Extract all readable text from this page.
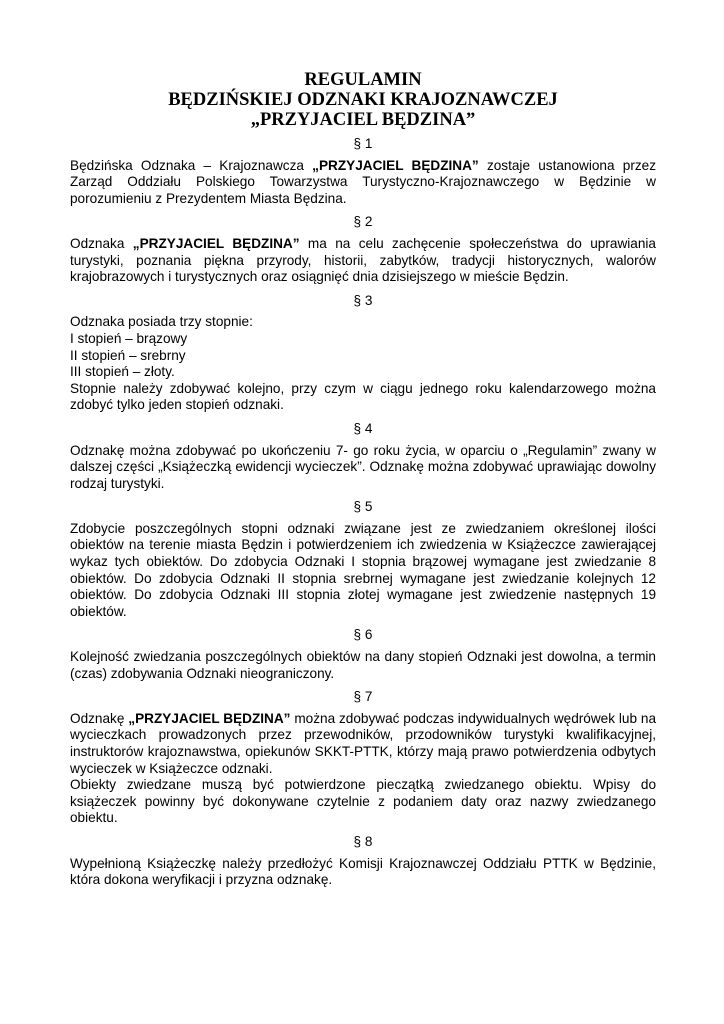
REGULAMIN
BĘDZIŃSKIEJ ODZNAKI KRAJOZNAWCZEJ
„PRZYJACIEL BĘDZINA”
§ 1

Będzińska Odznaka – Krajoznawcza „PRZYJACIEL BĘDZINA” zostaje ustanowiona przez Zarząd Oddziału Polskiego Towarzystwa Turystyczno-Krajoznawczego w Będzinie w porozumieniu z Prezydentem Miasta Będzina.

§ 2

Odznaka „PRZYJACIEL BĘDZINA” ma na celu zachęcenie społeczeństwa do uprawiania turystyki, poznania piękna przyrody, historii, zabytków, tradycji historycznych, walorów krajobrazowych i turystycznych oraz osiągnięć dnia dzisiejszego w mieście Będzin.

§ 3

Odznaka posiada trzy stopnie:

I stopień – brązowy

II stopień – srebrny

III stopień – złoty.

Stopnie należy zdobywać kolejno, przy czym w ciągu jednego roku kalendarzowego można zdobyć tylko jeden stopień odznaki.

§ 4

Odznakę można zdobywać po ukończeniu 7- go roku życia, w oparciu o „Regulamin” zwany w dalszej części „Książeczką ewidencji wycieczek”. Odznakę można zdobywać uprawiając dowolny rodzaj turystyki.

§ 5

Zdobycie poszczególnych stopni odznaki związane jest ze zwiedzaniem określonej ilości obiektów na terenie miasta Będzin i potwierdzeniem ich zwiedzenia w Książeczce zawierającej wykaz tych obiektów. Do zdobycia Odznaki I stopnia brązowej wymagane jest zwiedzanie 8 obiektów. Do zdobycia Odznaki II stopnia srebrnej wymagane jest zwiedzanie kolejnych 12 obiektów. Do zdobycia Odznaki III stopnia złotej wymagane jest zwiedzenie następnych 19 obiektów.

§ 6

Kolejność zwiedzania poszczególnych obiektów na dany stopień Odznaki jest dowolna, a termin (czas) zdobywania Odznaki nieograniczony.

§ 7

Odznakę „PRZYJACIEL BĘDZINA” można zdobywać podczas indywidualnych wędrówek lub na wycieczkach prowadzonych przez przewodników, przodowników turystyki kwalifikacyjnej, instruktorów krajoznawstwa, opiekunów SKKT-PTTK, którzy mają prawo potwierdzenia odbytych wycieczek w Książeczce odznaki.

Obiekty zwiedzane muszą być potwierdzone pieczątką zwiedzanego obiektu. Wpisy do książeczek powinny być dokonywane czytelnie z podaniem daty oraz nazwy zwiedzanego obiektu.

§ 8

Wypełnioną Książeczkę należy przedłożyć Komisji Krajoznawczej Oddziału PTTK w Będzinie, która dokona weryfikacji i przyzna odznakę.
